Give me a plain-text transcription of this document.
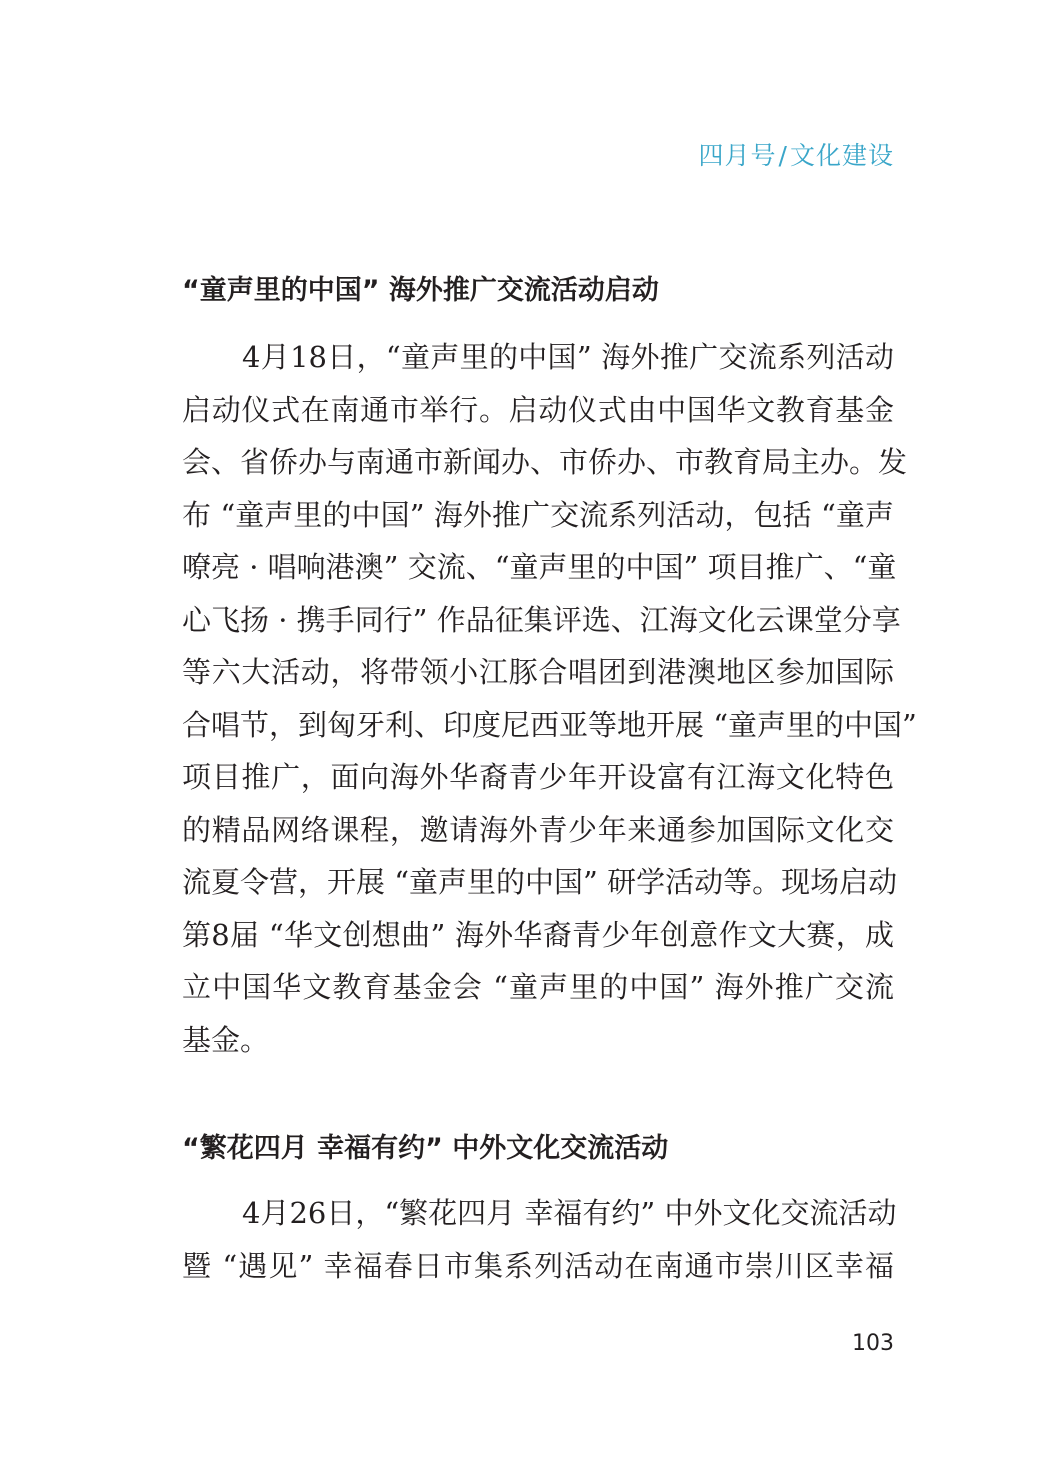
四月号/文化建设
“童声里的中国” 海外推广交流活动启动
4月18日，“童声里的中国” 海外推广交流系列活动
启动仪式在南通市举行。启动仪式由中国华文教育基金
会、省侨办与南通市新闻办、市侨办、市教育局主办。发
布 “童声里的中国” 海外推广交流系列活动，包括 “童声
嘹亮 · 唱响港澳” 交流、“童声里的中国” 项目推广、“童
心飞扬 · 携手同行” 作品征集评选、江海文化云课堂分享
等六大活动，将带领小江豚合唱团到港澳地区参加国际
合唱节，到匈牙利、印度尼西亚等地开展 “童声里的中国”
项目推广，面向海外华裔青少年开设富有江海文化特色
的精品网络课程，邀请海外青少年来通参加国际文化交
流夏令营，开展 “童声里的中国” 研学活动等。现场启动
第8届 “华文创想曲” 海外华裔青少年创意作文大赛，成
立中国华文教育基金会 “童声里的中国” 海外推广交流
基金。
“繁花四月 幸福有约” 中外文化交流活动
4月26日，“繁花四月 幸福有约” 中外文化交流活动
暨 “遇见” 幸福春日市集系列活动在南通市崇川区幸福
103
